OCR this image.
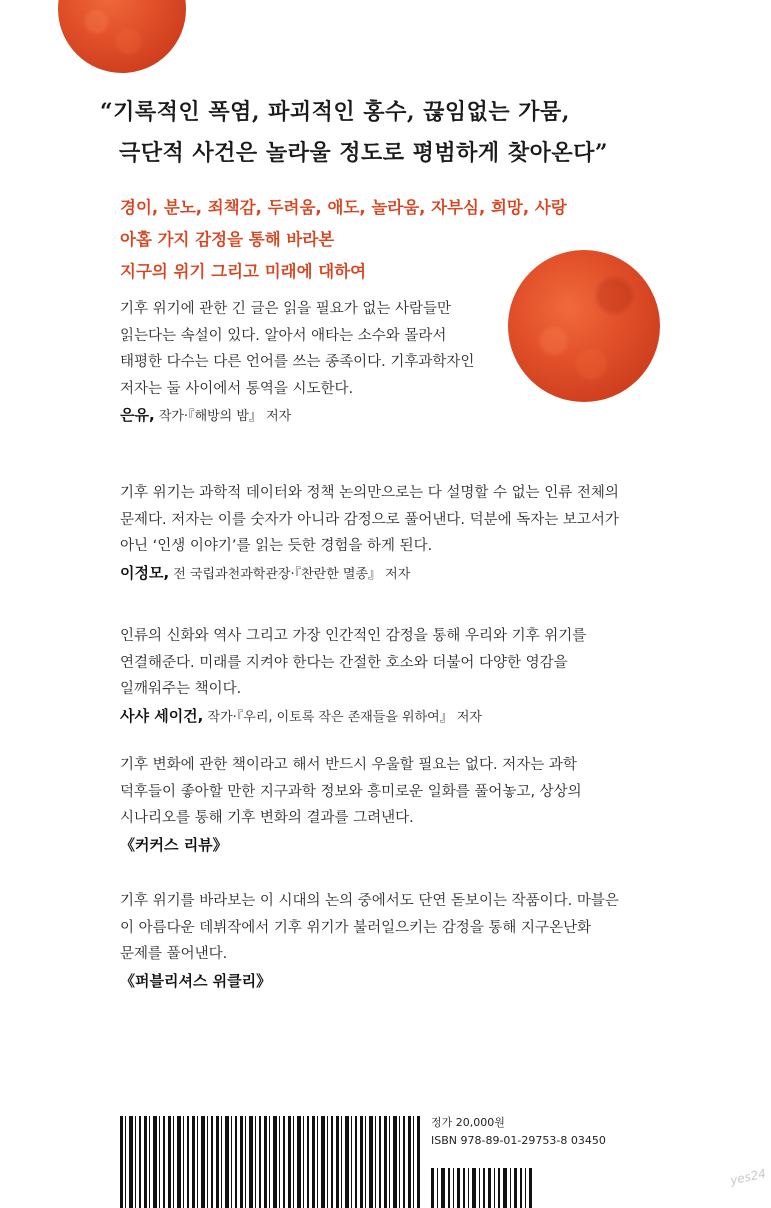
“기록적인 폭염, 파괴적인 홍수, 끊임없는 가뭄,
극단적 사건은 놀라울 정도로 평범하게 찾아온다”
경이, 분노, 죄책감, 두려움, 애도, 놀라움, 자부심, 희망, 사랑
아홉 가지 감정을 통해 바라본
지구의 위기 그리고 미래에 대하여
기후 위기에 관한 긴 글은 읽을 필요가 없는 사람들만
읽는다는 속설이 있다. 알아서 애타는 소수와 몰라서
태평한 다수는 다른 언어를 쓰는 종족이다. 기후과학자인
저자는 둘 사이에서 통역을 시도한다.
은유, 작가·『해방의 밤』 저자
기후 위기는 과학적 데이터와 정책 논의만으로는 다 설명할 수 없는 인류 전체의
문제다. 저자는 이를 숫자가 아니라 감정으로 풀어낸다. 덕분에 독자는 보고서가
아닌 ‘인생 이야기’를 읽는 듯한 경험을 하게 된다.
이정모, 전 국립과천과학관장·『찬란한 멸종』 저자
인류의 신화와 역사 그리고 가장 인간적인 감정을 통해 우리와 기후 위기를
연결해준다. 미래를 지켜야 한다는 간절한 호소와 더불어 다양한 영감을
일깨워주는 책이다.
사샤 세이건, 작가·『우리, 이토록 작은 존재들을 위하여』 저자
기후 변화에 관한 책이라고 해서 반드시 우울할 필요는 없다. 저자는 과학
덕후들이 좋아할 만한 지구과학 정보와 흥미로운 일화를 풀어놓고, 상상의
시나리오를 통해 기후 변화의 결과를 그려낸다.
《커커스 리뷰》
기후 위기를 바라보는 이 시대의 논의 중에서도 단연 돋보이는 작품이다. 마블은
이 아름다운 데뷔작에서 기후 위기가 불러일으키는 감정을 통해 지구온난화
문제를 풀어낸다.
《퍼블리셔스 위클리》
정가 20,000원
ISBN 978-89-01-29753-8 03450
yes24
